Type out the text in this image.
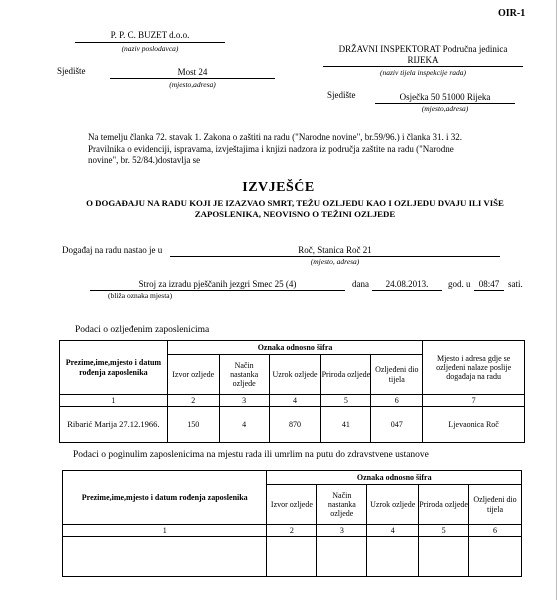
OIR-1
P. P. C. BUZET d.o.o.
(naziv poslodavca)
Sjedište	Most 24
(mjesto,adresa)
DRŽAVNI INSPEKTORAT Područna jedinica
RIJEKA
(naziv tijela inspekcije rada)
Sjedište	Osječka 50 51000 Rijeka
(mjesto,adresa)
Na temelju članka 72. stavak 1. Zakona o zaštiti na radu ("Narodne novine", br.59/96.) i članka 31. i 32.
Pravilnika o evidenciji, ispravama, izvještajima i knjizi nadzora iz područja zaštite na radu ("Narodne
novine", br. 52/84.)dostavlja se
IZVJEŠĆE
O DOGAĐAJU NA RADU KOJI JE IZAZVAO SMRT, TEŽU OZLJEDU KAO I OZLJEDU DVAJU ILI VIŠE
ZAPOSLENIKA, NEOVISNO O TEŽINI OZLJEDE
Događaj na radu nastao je u	Roč, Stanica Roč 21
(mjesto, adresa)
Stroj za izradu pješčanih jezgri Smec 25 (4)
(bliža oznaka mjesta)
dana	24.08.2013.	god. u 08:47 sati.
Podaci o ozljeđenim zaposlenicima
Prezime,ime,mjesto i datum rođenja zaposlenika	Oznaka odnosno šifra					Mjesto i adresa gdje se ozljeđeni nalaze poslije događaja na radu
	Izvor ozljede	Način nastanka ozljede	Uzrok ozljede	Priroda ozljede	Ozljeđeni dio tijela	
1	2	3	4	5	6	7
Ribarić Marija 27.12.1966.	150	4	870	41	047	Ljevaonica Roč
Podaci o poginulim zaposlenicima na mjestu rada ili umrlim na putu do zdravstvene ustanove
Prezime,ime,mjesto i datum rođenja zaposlenika	Oznaka odnosno šifra				
	Izvor ozljede	Način nastanka ozljede	Uzrok ozljede	Priroda ozljede	Ozljeđeni dio tijela
1	2	3	4	5	6
